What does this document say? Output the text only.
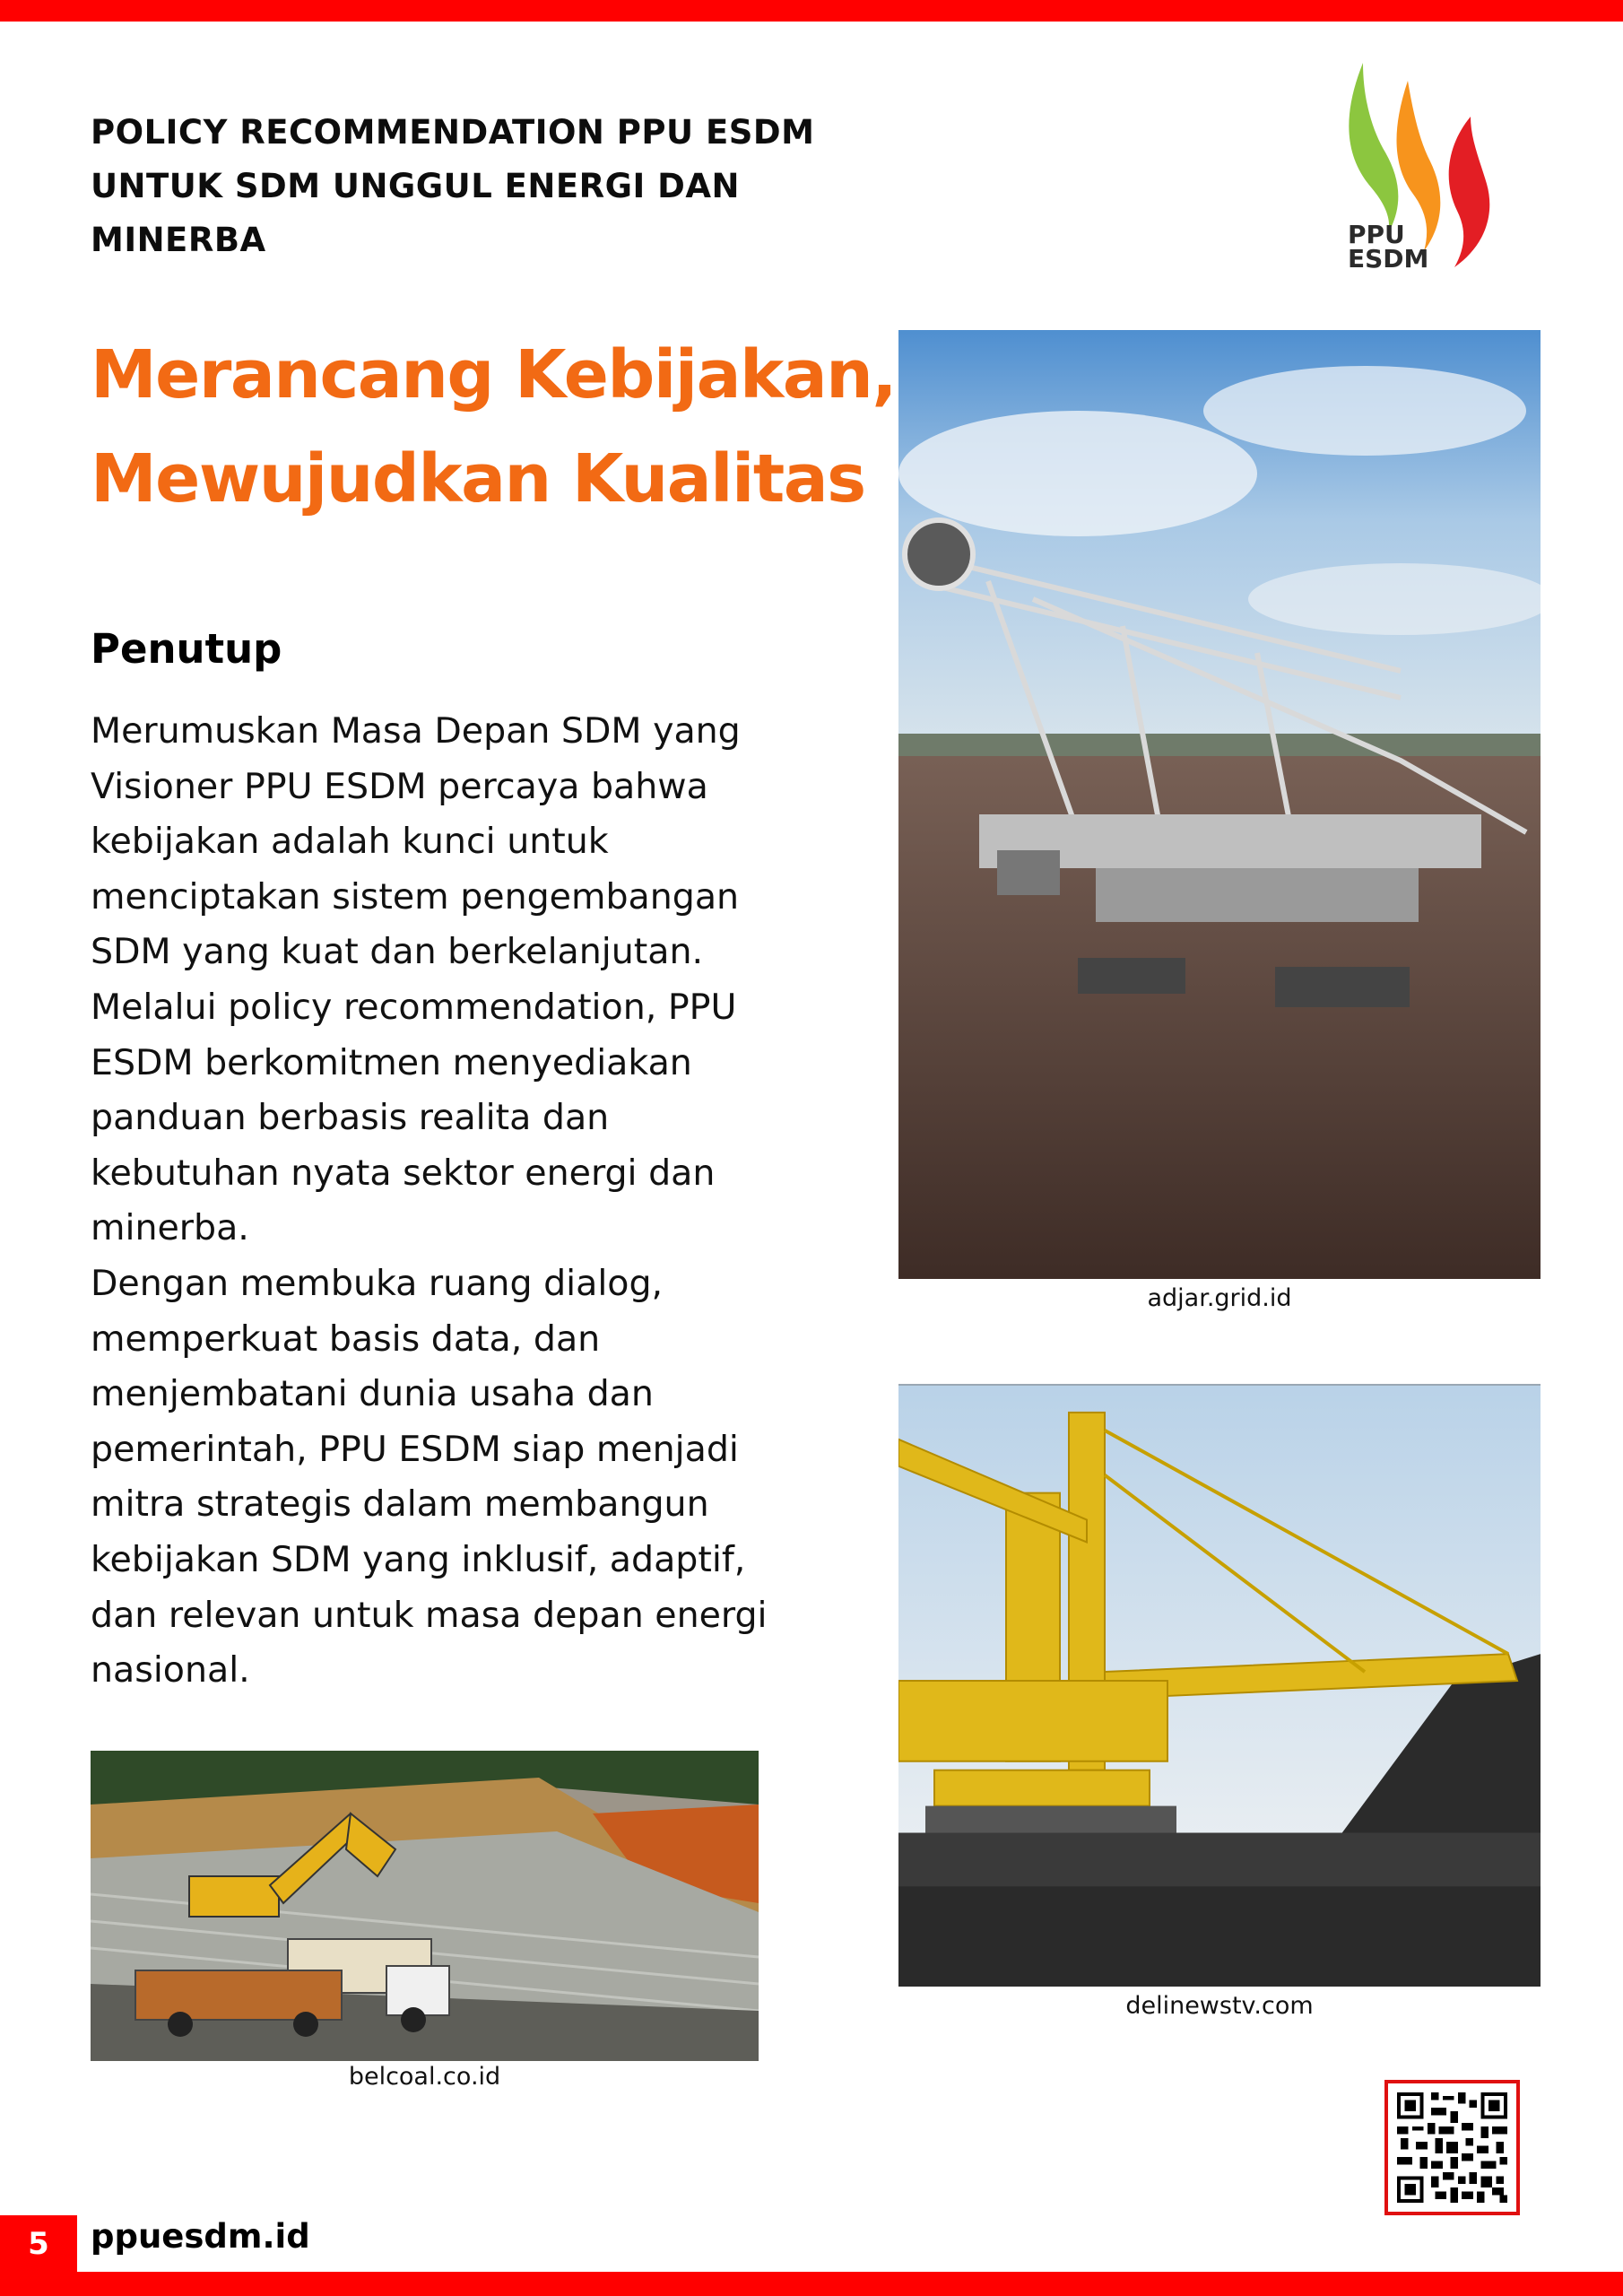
POLICY RECOMMENDATION PPU ESDM UNTUK SDM UNGGUL ENERGI DAN MINERBA	PPU
ESDM
Merancang Kebijakan,
Mewujudkan Kualitas
Penutup

Merumuskan Masa Depan SDM yang Visioner PPU ESDM percaya bahwa kebijakan adalah kunci untuk menciptakan sistem pengembangan SDM yang kuat dan berkelanjutan. Melalui policy recommendation, PPU ESDM berkomitmen menyediakan panduan berbasis realita dan kebutuhan nyata sektor energi dan minerba.

Dengan membuka ruang dialog, memperkuat basis data, dan menjembatani dunia usaha dan pemerintah, PPU ESDM siap menjadi mitra strategis dalam membangun kebijakan SDM yang inklusif, adaptif, dan relevan untuk masa depan energi nasional.

adjar.grid.id
delinewstv.com
belcoal.co.id
5	ppuesdm.id
